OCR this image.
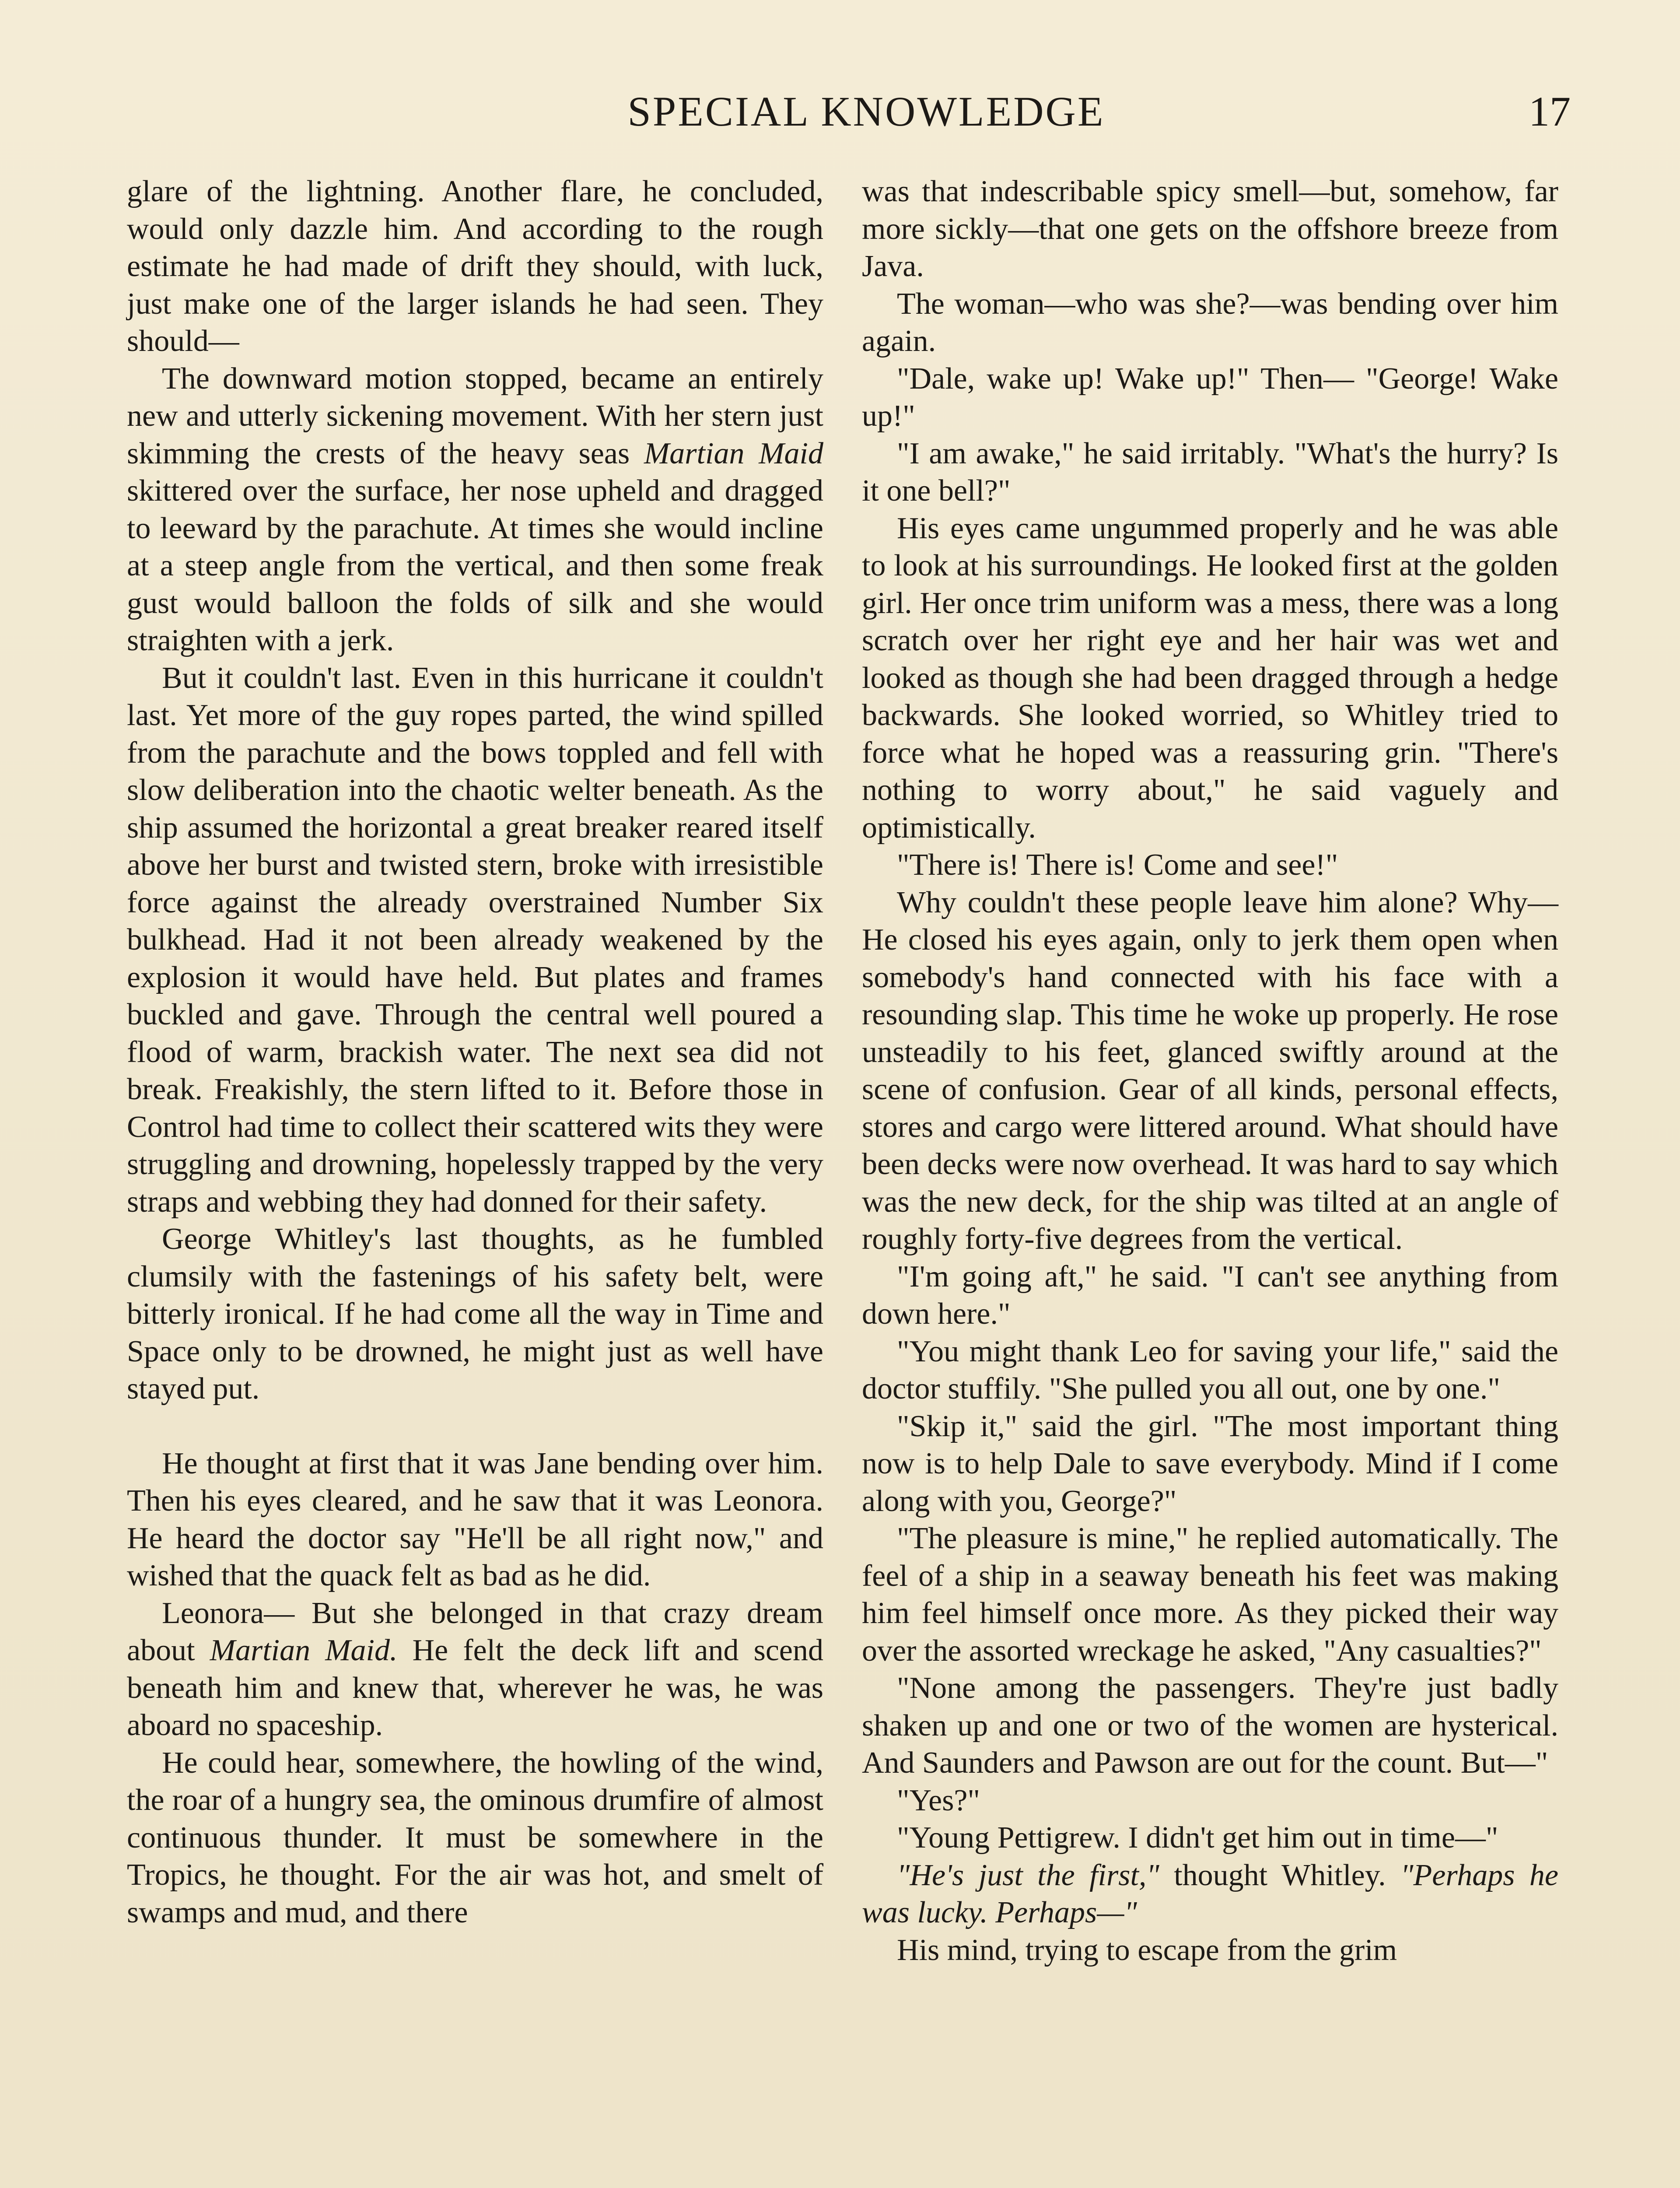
SPECIAL KNOWLEDGE	17

glare of the lightning. Another flare, he concluded, would only dazzle him. And according to the rough estimate he had made of drift they should, with luck, just make one of the larger islands he had seen. They should—

The downward motion stopped, became an entirely new and utterly sickening movement. With her stern just skimming the crests of the heavy seas Martian Maid skittered over the surface, her nose upheld and dragged to leeward by the parachute. At times she would incline at a steep angle from the vertical, and then some freak gust would balloon the folds of silk and she would straighten with a jerk.

But it couldn't last. Even in this hurricane it couldn't last. Yet more of the guy ropes parted, the wind spilled from the parachute and the bows toppled and fell with slow deliberation into the chaotic welter beneath. As the ship assumed the horizontal a great breaker reared itself above her burst and twisted stern, broke with irresistible force against the already overstrained Number Six bulkhead. Had it not been already weakened by the explosion it would have held. But plates and frames buckled and gave. Through the central well poured a flood of warm, brackish water. The next sea did not break. Freakishly, the stern lifted to it. Before those in Control had time to collect their scattered wits they were struggling and drowning, hopelessly trapped by the very straps and webbing they had donned for their safety.

George Whitley's last thoughts, as he fumbled clumsily with the fastenings of his safety belt, were bitterly ironical. If he had come all the way in Time and Space only to be drowned, he might just as well have stayed put.

He thought at first that it was Jane bending over him. Then his eyes cleared, and he saw that it was Leonora. He heard the doctor say "He'll be all right now," and wished that the quack felt as bad as he did.

Leonora— But she belonged in that crazy dream about Martian Maid. He felt the deck lift and scend beneath him and knew that, wherever he was, he was aboard no spaceship.

He could hear, somewhere, the howling of the wind, the roar of a hungry sea, the ominous drumfire of almost continuous thunder. It must be somewhere in the Tropics, he thought. For the air was hot, and smelt of swamps and mud, and there

was that indescribable spicy smell—but, somehow, far more sickly—that one gets on the offshore breeze from Java.

The woman—who was she?—was bending over him again.

"Dale, wake up! Wake up!" Then— "George! Wake up!"

"I am awake," he said irritably. "What's the hurry? Is it one bell?"

His eyes came ungummed properly and he was able to look at his surroundings. He looked first at the golden girl. Her once trim uniform was a mess, there was a long scratch over her right eye and her hair was wet and looked as though she had been dragged through a hedge backwards. She looked worried, so Whitley tried to force what he hoped was a reassuring grin. "There's nothing to worry about," he said vaguely and optimistically.

"There is! There is! Come and see!"

Why couldn't these people leave him alone? Why— He closed his eyes again, only to jerk them open when somebody's hand connected with his face with a resounding slap. This time he woke up properly. He rose unsteadily to his feet, glanced swiftly around at the scene of confusion. Gear of all kinds, personal effects, stores and cargo were littered around. What should have been decks were now overhead. It was hard to say which was the new deck, for the ship was tilted at an angle of roughly forty-five degrees from the vertical.

"I'm going aft," he said. "I can't see anything from down here."

"You might thank Leo for saving your life," said the doctor stuffily. "She pulled you all out, one by one."

"Skip it," said the girl. "The most important thing now is to help Dale to save everybody. Mind if I come along with you, George?"

"The pleasure is mine," he replied automatically. The feel of a ship in a seaway beneath his feet was making him feel himself once more. As they picked their way over the assorted wreckage he asked, "Any casualties?"

"None among the passengers. They're just badly shaken up and one or two of the women are hysterical. And Saunders and Pawson are out for the count. But—"

"Yes?"

"Young Pettigrew. I didn't get him out in time—"

"He's just the first," thought Whitley. "Perhaps he was lucky. Perhaps—"

His mind, trying to escape from the grim
